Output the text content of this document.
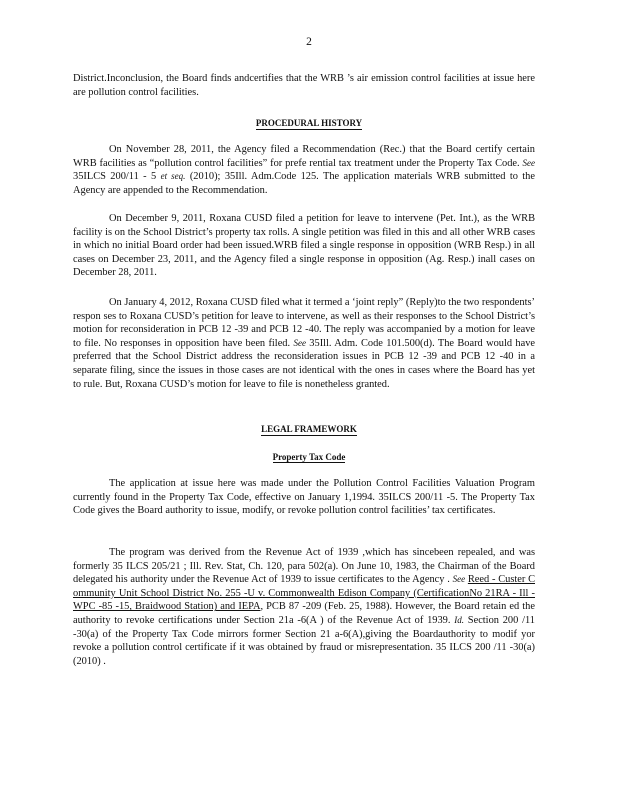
2
District.Inconclusion, the Board finds andcertifies that the WRB ’s air emission control facilities at issue here are pollution control facilities.
PROCEDURAL HISTORY
On November 28, 2011, the Agency filed a Recommendation (Rec.) that the Board certify certain WRB facilities as “pollution control facilities” for prefe rential tax treatment under the Property Tax Code. See 35ILCS 200/11 - 5 et seq. (2010); 35Ill. Adm.Code 125. The application materials WRB submitted to the Agency are appended to the Recommendation.
On December 9, 2011, Roxana CUSD filed a petition for leave to intervene (Pet. Int.), as the WRB facility is on the School District’s property tax rolls. A single petition was filed in this and all other WRB cases in which no initial Board order had been issued.WRB filed a single response in opposition (WRB Resp.) in all cases on December 23, 2011, and the Agency filed a single response in opposition (Ag. Resp.) inall cases on December 28, 2011.
On January 4, 2012, Roxana CUSD filed what it termed a ‘joint reply” (Reply)to the two respondents’ respon ses to Roxana CUSD’s petition for leave to intervene, as well as their responses to the School District’s motion for reconsideration in PCB 12 -39 and PCB 12 -40. The reply was accompanied by a motion for leave to file. No responses in opposition have been filed. See 35Ill. Adm. Code 101.500(d). The Board would have preferred that the School District address the reconsideration issues in PCB 12 -39 and PCB 12 -40 in a separate filing, since the issues in those cases are not identical with the ones in cases where the Board has yet to rule. But, Roxana CUSD’s motion for leave to file is nonetheless granted.
LEGAL FRAMEWORK
Property Tax Code
The application at issue here was made under the Pollution Control Facilities Valuation Program currently found in the Property Tax Code, effective on January 1,1994. 35ILCS 200/11 -5. The Property Tax Code gives the Board authority to issue, modify, or revoke pollution control facilities’ tax certificates.
The program was derived from the Revenue Act of 1939 ,which has sincebeen repealed, and was formerly 35 ILCS 205/21 ; Ill. Rev. Stat, Ch. 120, para 502(a). On June 10, 1983, the Chairman of the Board delegated his authority under the Revenue Act of 1939 to issue certificates to the Agency . See Reed - Custer C ommunity Unit School District No. 255 -U v. Commonwealth Edison Company (CertificationNo 21RA - Ill -WPC -85 -15, Braidwood Station) and IEPA, PCB 87 -209 (Feb. 25, 1988). However, the Board retain ed the authority to revoke certifications under Section 21a -6(A ) of the Revenue Act of 1939. Id. Section 200 /11 -30(a) of the Property Tax Code mirrors former Section 21 a-6(A),giving the Boardauthority to modif yor revoke a pollution control certificate if it was obtained by fraud or misrepresentation. 35 ILCS 200 /11 -30(a) (2010) .
